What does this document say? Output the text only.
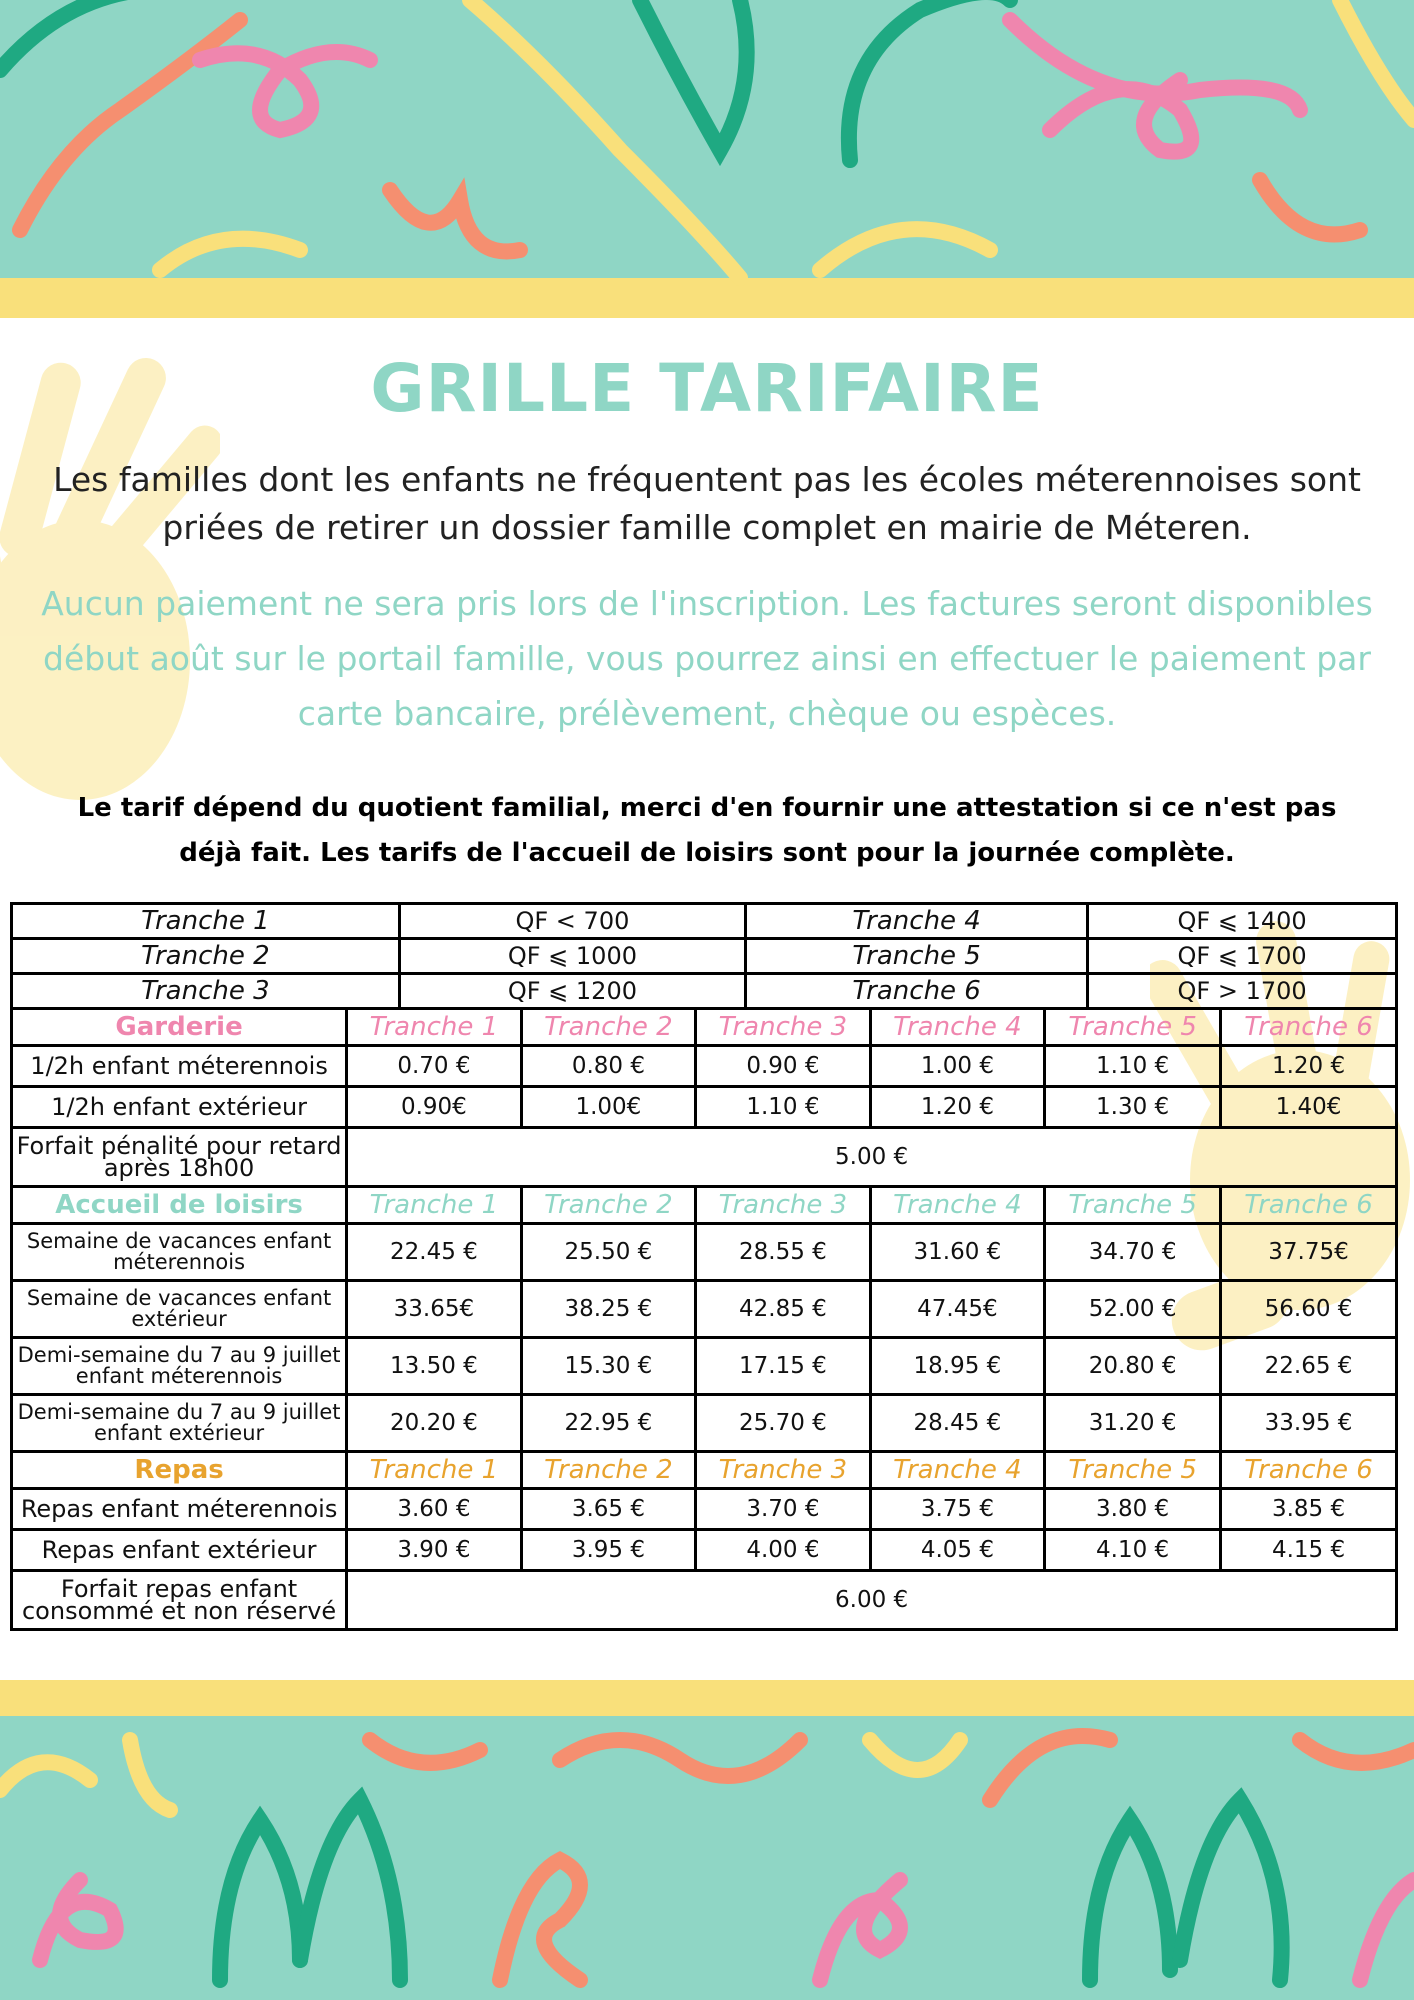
GRILLE TARIFAIRE
Les familles dont les enfants ne fréquentent pas les écoles méterennoises sont priées de retirer un dossier famille complet en mairie de Méteren.
Aucun paiement ne sera pris lors de l'inscription. Les factures seront disponibles début août sur le portail famille, vous pourrez ainsi en effectuer le paiement par carte bancaire, prélèvement, chèque ou espèces.
Le tarif dépend du quotient familial, merci d'en fournir une attestation si ce n'est pas déjà fait. Les tarifs de l'accueil de loisirs sont pour la journée complète.
Tranche 1	QF < 700	Tranche 4	QF ⩽ 1400
Tranche 2	QF ⩽ 1000	Tranche 5	QF ⩽ 1700
Tranche 3	QF ⩽ 1200	Tranche 6	QF > 1700
Garderie	Tranche 1	Tranche 2	Tranche 3	Tranche 4	Tranche 5	Tranche 6
1/2h enfant méterennois	0.70 €	0.80 €	0.90 €	1.00 €	1.10 €	1.20 €
1/2h enfant extérieur	0.90€	1.00€	1.10 €	1.20 €	1.30 €	1.40€
Forfait pénalité pour retard après 18h00	5.00 €					
Accueil de loisirs	Tranche 1	Tranche 2	Tranche 3	Tranche 4	Tranche 5	Tranche 6
Semaine de vacances enfant méterennois	22.45 €	25.50 €	28.55 €	31.60 €	34.70 €	37.75€
Semaine de vacances enfant extérieur	33.65€	38.25 €	42.85 €	47.45€	52.00 €	56.60 €
Demi-semaine du 7 au 9 juillet enfant méterennois	13.50 €	15.30 €	17.15 €	18.95 €	20.80 €	22.65 €
Demi-semaine du 7 au 9 juillet enfant extérieur	20.20 €	22.95 €	25.70 €	28.45 €	31.20 €	33.95 €
Repas	Tranche 1	Tranche 2	Tranche 3	Tranche 4	Tranche 5	Tranche 6
Repas enfant méterennois	3.60 €	3.65 €	3.70 €	3.75 €	3.80 €	3.85 €
Repas enfant extérieur	3.90 €	3.95 €	4.00 €	4.05 €	4.10 €	4.15 €
Forfait repas enfant consommé et non réservé	6.00 €					
